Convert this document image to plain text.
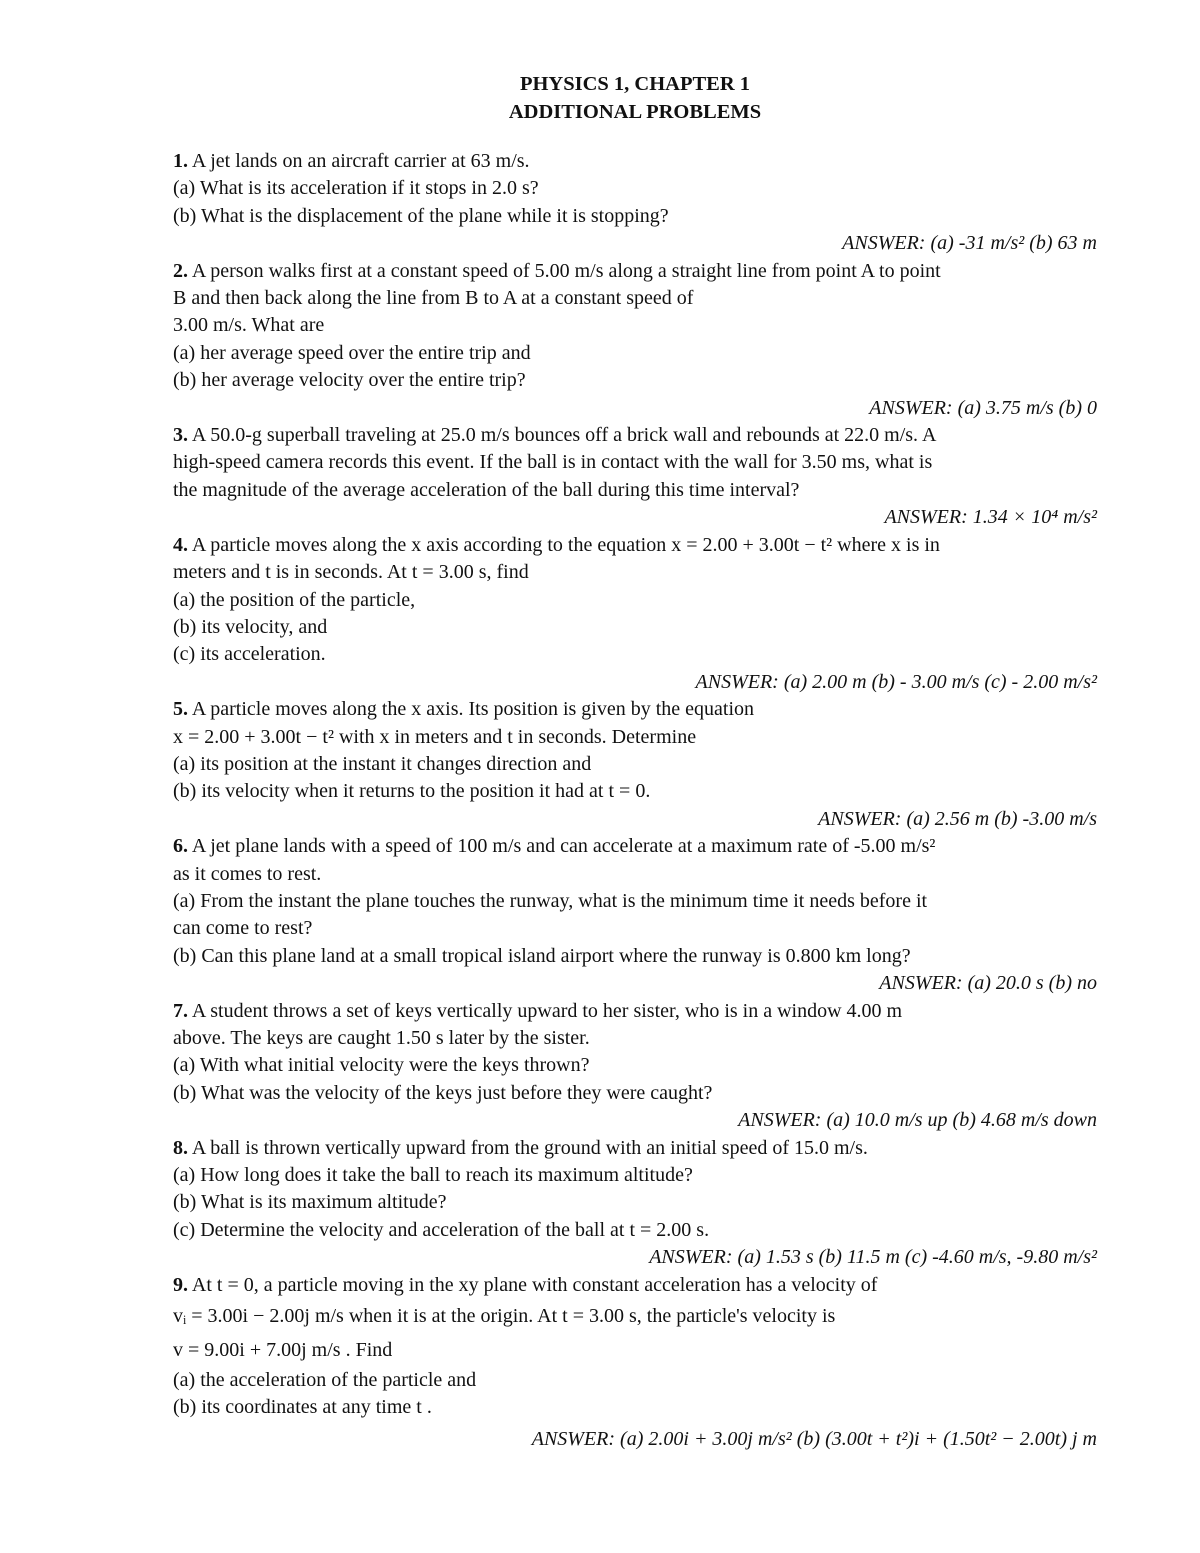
PHYSICS 1, CHAPTER 1
ADDITIONAL PROBLEMS
1. A jet lands on an aircraft carrier at 63 m/s.
(a) What is its acceleration if it stops in 2.0 s?
(b) What is the displacement of the plane while it is stopping?
ANSWER: (a) -31 m/s² (b) 63 m
2. A person walks first at a constant speed of 5.00 m/s along a straight line from point A to point
B and then back along the line from B to A at a constant speed of
3.00 m/s. What are
(a) her average speed over the entire trip and
(b) her average velocity over the entire trip?
ANSWER: (a) 3.75 m/s (b) 0
3. A 50.0-g superball traveling at 25.0 m/s bounces off a brick wall and rebounds at 22.0 m/s. A
high-speed camera records this event. If the ball is in contact with the wall for 3.50 ms, what is
the magnitude of the average acceleration of the ball during this time interval?
ANSWER: 1.34 × 10⁴ m/s²
4. A particle moves along the x axis according to the equation x = 2.00 + 3.00t − t² where x is in
meters and t is in seconds. At t = 3.00 s, find
(a) the position of the particle,
(b) its velocity, and
(c) its acceleration.
ANSWER: (a) 2.00 m (b) - 3.00 m/s (c) - 2.00 m/s²
5. A particle moves along the x axis. Its position is given by the equation
x = 2.00 + 3.00t − t² with x in meters and t in seconds. Determine
(a) its position at the instant it changes direction and
(b) its velocity when it returns to the position it had at t = 0.
ANSWER: (a) 2.56 m (b) -3.00 m/s
6. A jet plane lands with a speed of 100 m/s and can accelerate at a maximum rate of -5.00 m/s²
as it comes to rest.
(a) From the instant the plane touches the runway, what is the minimum time it needs before it
can come to rest?
(b) Can this plane land at a small tropical island airport where the runway is 0.800 km long?
ANSWER: (a) 20.0 s (b) no
7. A student throws a set of keys vertically upward to her sister, who is in a window 4.00 m
above. The keys are caught 1.50 s later by the sister.
(a) With what initial velocity were the keys thrown?
(b) What was the velocity of the keys just before they were caught?
ANSWER: (a) 10.0 m/s up (b) 4.68 m/s down
8. A ball is thrown vertically upward from the ground with an initial speed of 15.0 m/s.
(a) How long does it take the ball to reach its maximum altitude?
(b) What is its maximum altitude?
(c) Determine the velocity and acceleration of the ball at t = 2.00 s.
ANSWER: (a) 1.53 s (b) 11.5 m (c) -4.60 m/s, -9.80 m/s²
9. At t = 0, a particle moving in the xy plane with constant acceleration has a velocity of
vᵢ = 3.00i − 2.00j m/s when it is at the origin. At t = 3.00 s, the particle's velocity is
v = 9.00i + 7.00j m/s . Find
(a) the acceleration of the particle and
(b) its coordinates at any time t .
ANSWER: (a) 2.00i + 3.00j m/s² (b) (3.00t + t²)i + (1.50t² − 2.00t) j m
